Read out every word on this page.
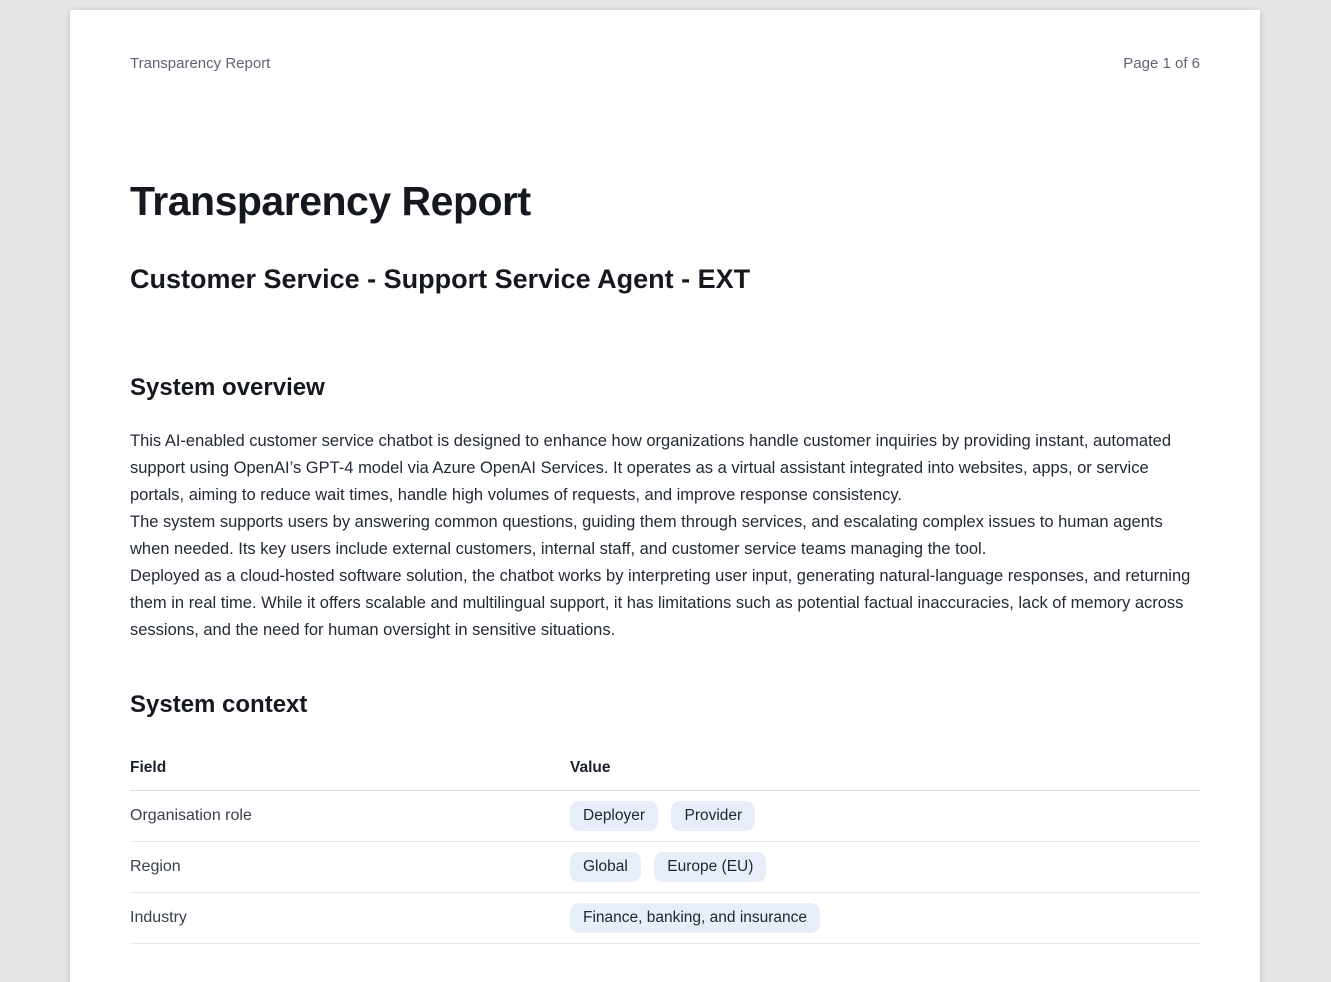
Transparency Report	Page 1 of 6
Transparency Report
Customer Service - Support Service Agent - EXT
System overview

This AI-enabled customer service chatbot is designed to enhance how organizations handle customer inquiries by providing instant, automated support using OpenAI’s GPT-4 model via Azure OpenAI Services. It operates as a virtual assistant integrated into websites, apps, or service portals, aiming to reduce wait times, handle high volumes of requests, and improve response consistency.

The system supports users by answering common questions, guiding them through services, and escalating complex issues to human agents when needed. Its key users include external customers, internal staff, and customer service teams managing the tool.

Deployed as a cloud-hosted software solution, the chatbot works by interpreting user input, generating natural-language responses, and returning them in real time. While it offers scalable and multilingual support, it has limitations such as potential factual inaccuracies, lack of memory across sessions, and the need for human oversight in sensitive situations.

System context
Field	Value
Organisation role	Deployer Provider
Region	Global Europe (EU)
Industry	Finance, banking, and insurance
